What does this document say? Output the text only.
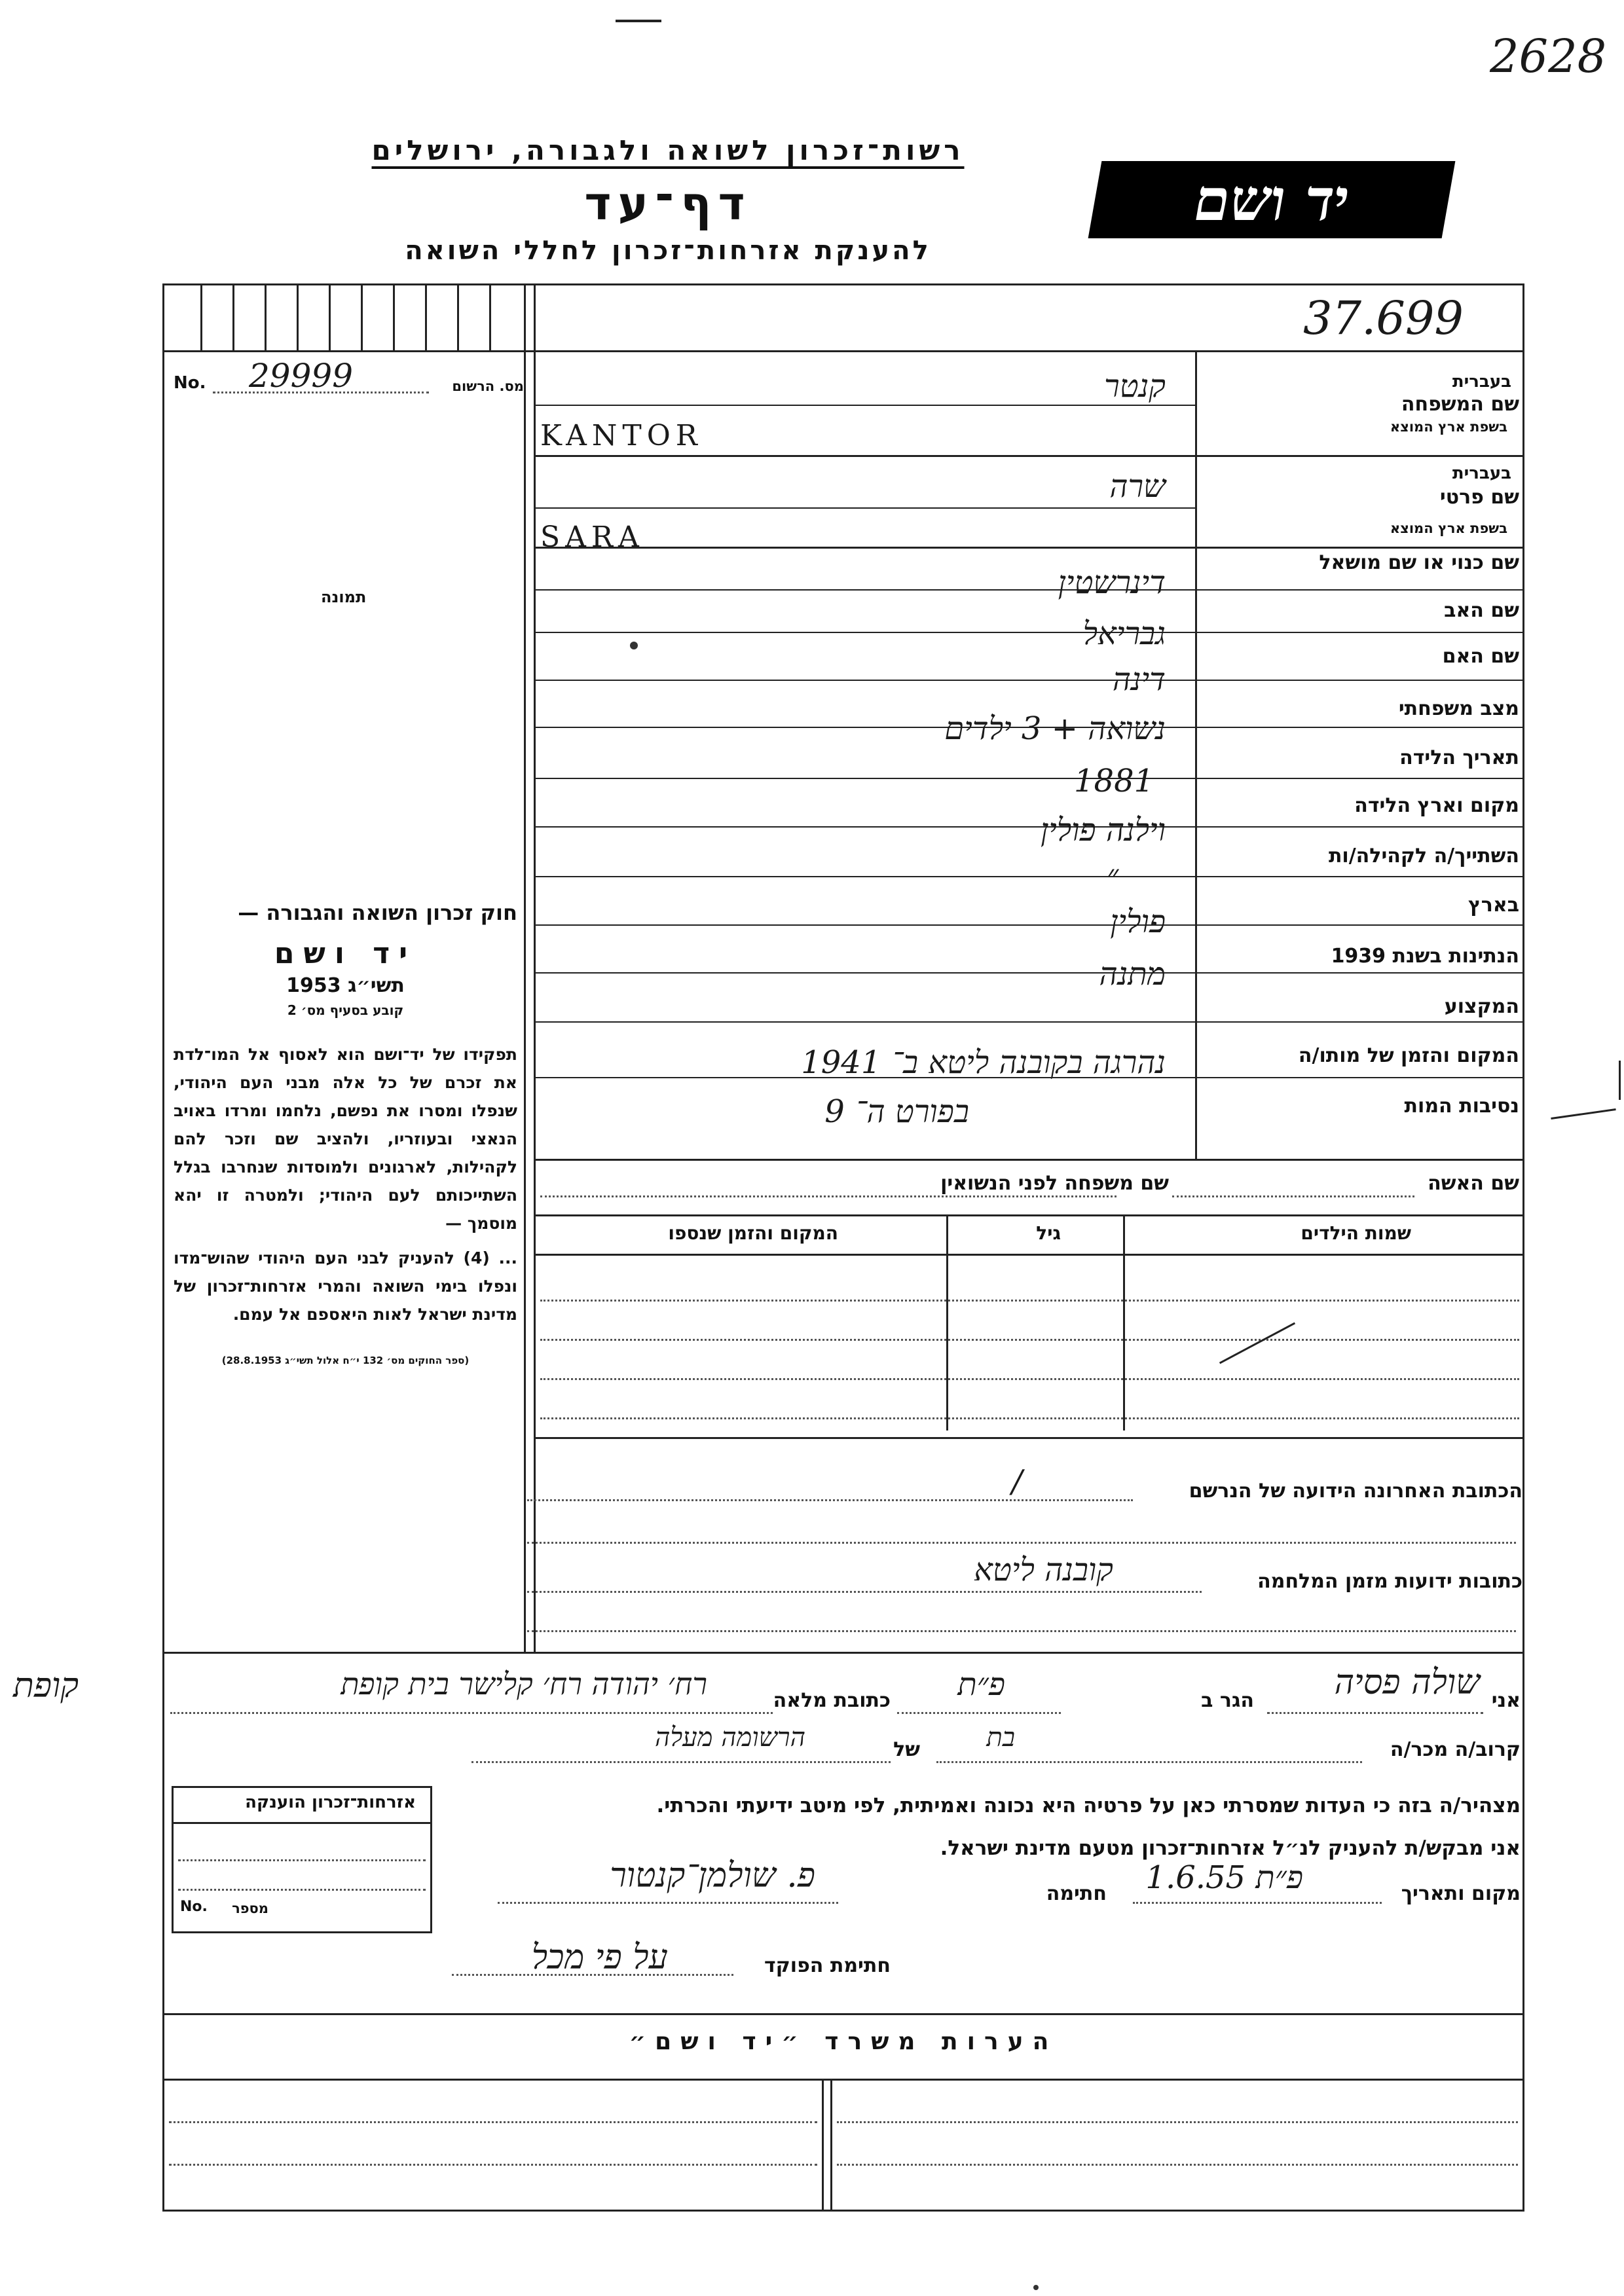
2628
רשות־זכרון לשואה ולגבורה, ירושלים
דף־עד
להענקת אזרחות־זכרון לחללי השואה
יד ושם
37.699
No. 29999	מס. הרשום
תמונה
בעברית
בשפת ארץ המוצא
שם המשפחה
קנטר
KANTOR
בעברית
בשפת ארץ המוצא
שם פרטי
שרה
SARA
שם כנוי או שם מושאל
שם האב
דינרשטין
שם האם
גבריאל
מצב משפחתי
דינה
תאריך הלידה
נשואה + 3 ילדים
מקום וארץ הלידה
1881
השתייך/ה לקהילה/ות
וילנה פולין
בארץ
״
הנתינות בשנת 1939
פולין
המקצוע
מתנה
המקום והזמן של מותו/ה
נהרגה בקובנה ליטא ב־ 1941
נסיבות המות
בפורט ה־ 9
שם האשה
שם משפחה לפני הנשואין
שמות הילדים
גיל
המקום והזמן שנספו
הכתובת האחרונה הידועה של הנרשם
/
כתובות ידועות מזמן המלחמה
קובנה ליטא
חוק זכרון השואה והגבורה —
יד ושם
תשי״ג 1953
קובע בסעיף מס׳ 2
תפקידו של יד־ושם הוא לאסוף אל המו־לדת את זכרם של כל אלה מבני העם היהודי, שנפלו ומסרו את נפשם, נלחמו ומרדו באויב הנאצי ובעוזריו, ולהציב שם וזכר להם לקהילות, לארגונים ולמוסדות שנחרבו בגלל השתייכותם לעם היהודי; ולמטרה זו יהא מוסמך —
... (4) להעניק לבני העם היהודי שהוש־מדו ונפלו בימי השואה והמרי אזרחות־זכרון של מדינת ישראל לאות היאספם אל עמם.
(ספר החוקים מס׳ 132 י״ח אלול תשי״ג 28.8.1953)
קופת	אני
שולה פסיה
הגר ב
פ״ת
כתובת מלאה
רח׳ יהודה רח׳ קלישר בית קופת
קרוב/ה מכר/ה
בת
של
הרשומה מעלה
מצהיר/ה בזה כי העדות שמסרתי כאן על פרטיה היא נכונה ואמיתית, לפי מיטב ידיעתי והכרתי.
אני מבקש/ת להעניק לנ״ל אזרחות־זכרון מטעם מדינת ישראל.
מקום ותאריך
פ״ת 1.6.55
חתימה
פ. שולמן־קנטור
חתימת הפוקד
על פי מכל
אזרחות־זכרון הוענקה
No. מספר
הערות משרד ״יד ושם״
